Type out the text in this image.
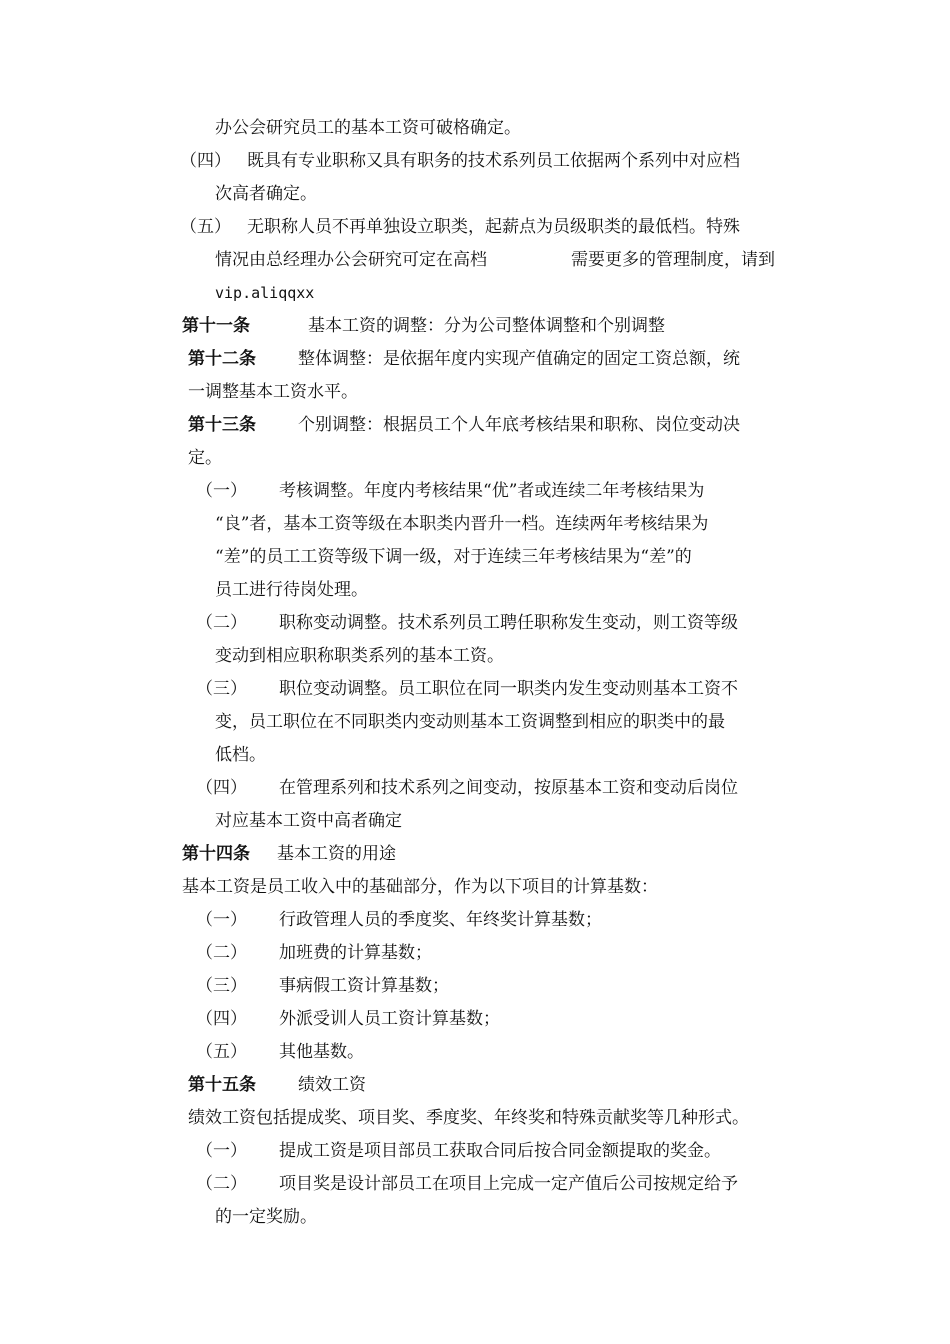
办公会研究员工的基本工资可破格确定。
（四） 既具有专业职称又具有职务的技术系列员工依据两个系列中对应档
次高者确定。
（五） 无职称人员不再单独设立职类，起薪点为员级职类的最低档。特殊
情况由总经理办公会研究可定在高档	需要更多的管理制度，请到
vip.aliqqxx
第十一条	基本工资的调整：分为公司整体调整和个别调整
第十二条 整体调整：是依据年度内实现产值确定的固定工资总额，统
一调整基本工资水平。
第十三条 个别调整：根据员工个人年底考核结果和职称、岗位变动决
定。
（一） 考核调整。年度内考核结果“优”者或连续二年考核结果为
“良”者，基本工资等级在本职类内晋升一档。连续两年考核结果为
“差”的员工工资等级下调一级，对于连续三年考核结果为“差”的
员工进行待岗处理。
（二） 职称变动调整。技术系列员工聘任职称发生变动，则工资等级
变动到相应职称职类系列的基本工资。
（三） 职位变动调整。员工职位在同一职类内发生变动则基本工资不
变，员工职位在不同职类内变动则基本工资调整到相应的职类中的最
低档。
（四） 在管理系列和技术系列之间变动，按原基本工资和变动后岗位
对应基本工资中高者确定
第十四条 基本工资的用途
基本工资是员工收入中的基础部分，作为以下项目的计算基数：
（一） 行政管理人员的季度奖、年终奖计算基数；
（二） 加班费的计算基数；
（三） 事病假工资计算基数；
（四） 外派受训人员工资计算基数；
（五） 其他基数。
第十五条 绩效工资
绩效工资包括提成奖、项目奖、季度奖、年终奖和特殊贡献奖等几种形式。
（一） 提成工资是项目部员工获取合同后按合同金额提取的奖金。
（二） 项目奖是设计部员工在项目上完成一定产值后公司按规定给予
的一定奖励。
